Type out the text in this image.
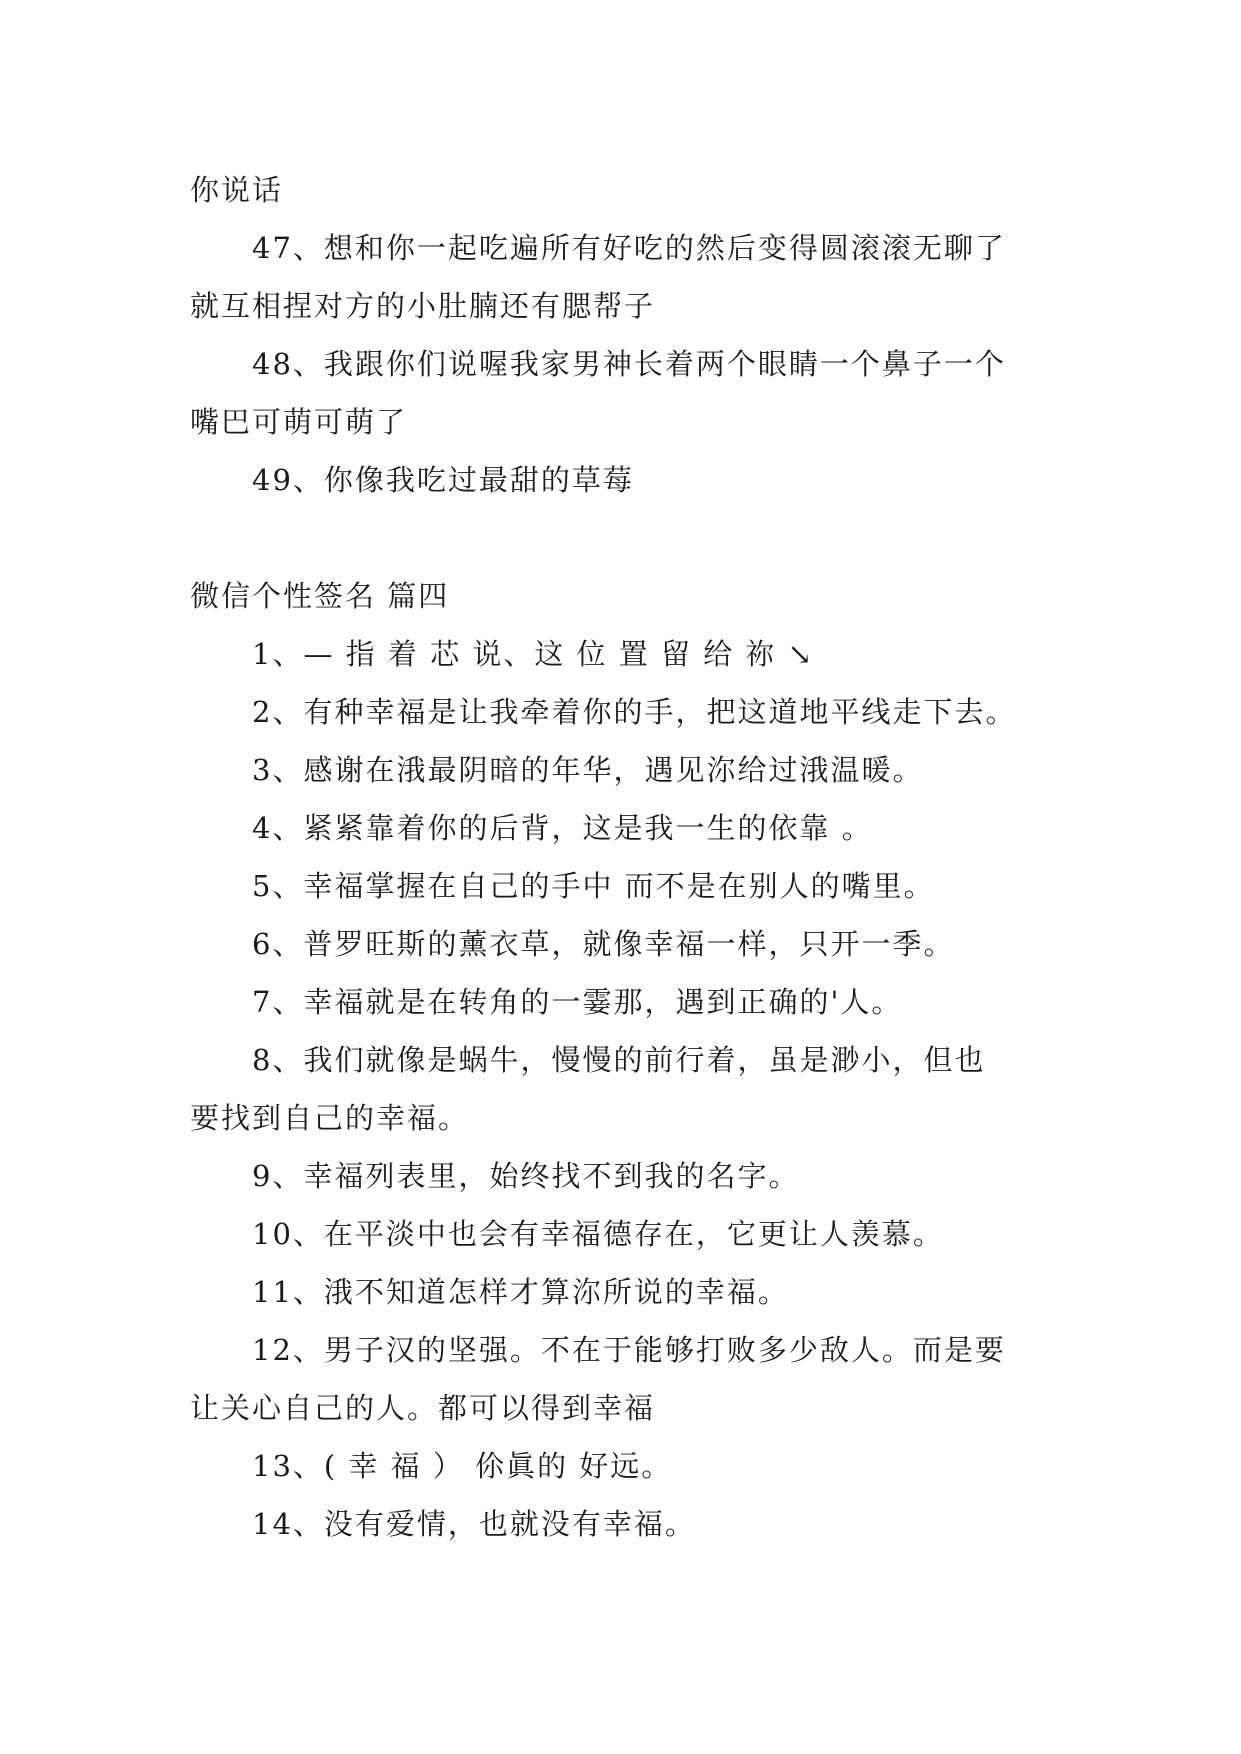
你说话
47、想和你一起吃遍所有好吃的然后变得圆滚滚无聊了
就互相捏对方的小肚腩还有腮帮子
48、我跟你们说喔我家男神长着两个眼睛一个鼻子一个
嘴巴可萌可萌了
49、你像我吃过最甜的草莓
微信个性签名 篇四
1、— 指 着 芯 说、这 位 置 留 给 祢 ↘
2、有种幸福是让我牵着你的手，把这道地平线走下去。
3、感谢在涐最阴暗的年华，遇见沵给过涐温暖。
4、紧紧靠着你的后背，这是我一生的依靠 。
5、幸福掌握在自己的手中 而不是在别人的嘴里。
6、普罗旺斯的薰衣草，就像幸福一样，只开一季。
7、幸福就是在转角的一霎那，遇到正确的'人。
8、我们就像是蜗牛，慢慢的前行着，虽是渺小，但也
要找到自己的幸福。
9、幸福列表里，始终找不到我的名字。
10、在平淡中也会有幸福德存在，它更让人羡慕。
11、涐不知道怎样才算沵所说的幸福。
12、男子汉的坚强。不在于能够打败多少敌人。而是要
让关心自己的人。都可以得到幸福
13、( 幸 福 ） 伱眞的 好远。
14、没有爱情，也就没有幸福。
